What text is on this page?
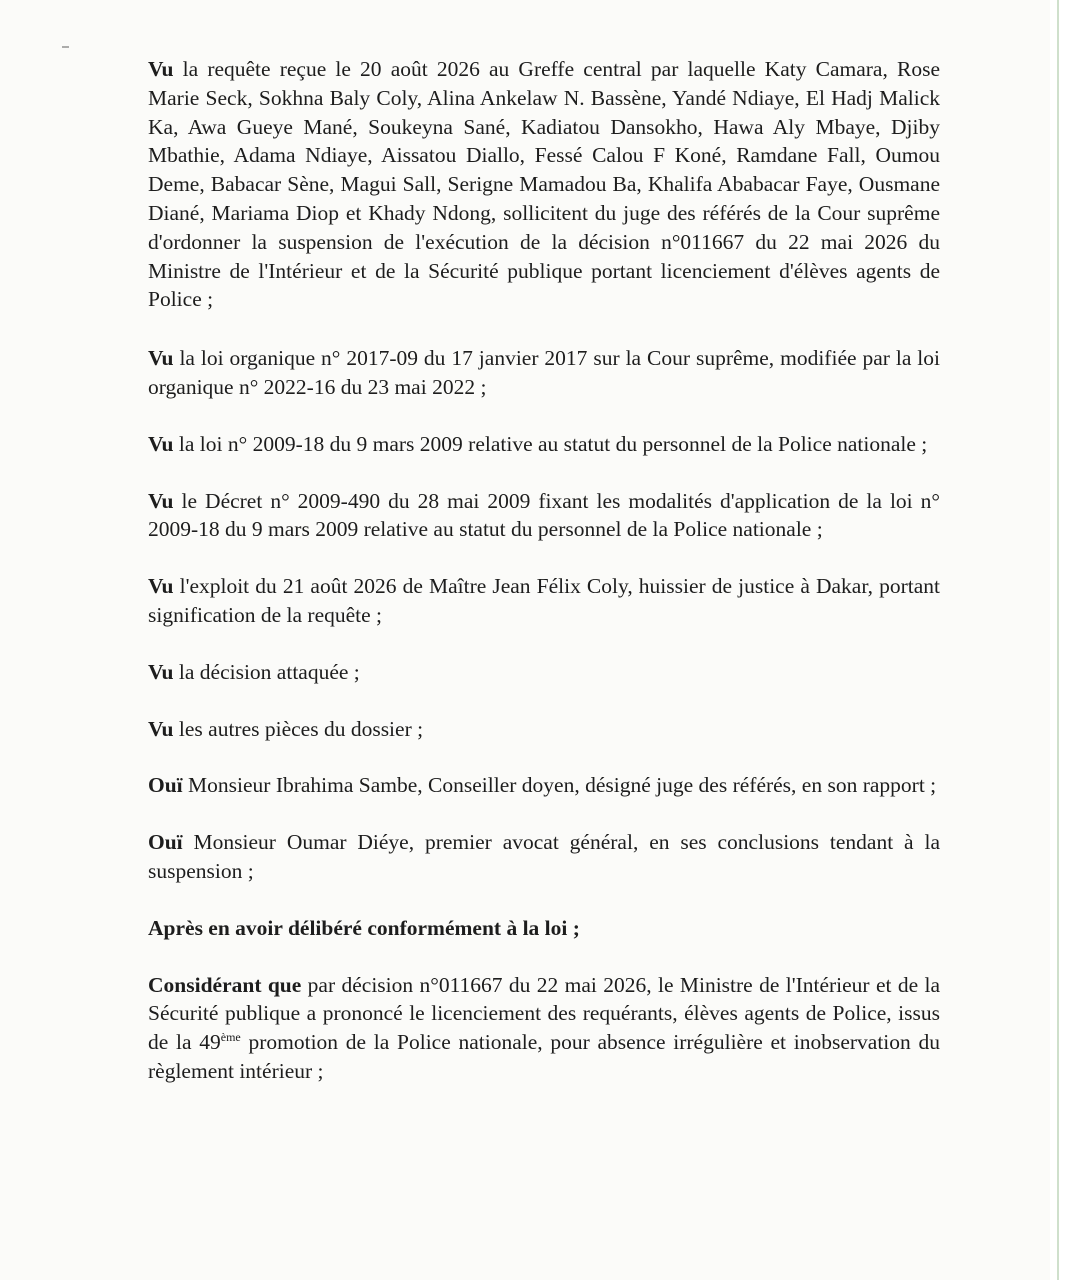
Vu la requête reçue le 20 août 2026 au Greffe central par laquelle Katy Camara, Rose Marie Seck, Sokhna Baly Coly, Alina Ankelaw N. Bassène, Yandé Ndiaye, El Hadj Malick Ka, Awa Gueye Mané, Soukeyna Sané, Kadiatou Dansokho, Hawa Aly Mbaye, Djiby Mbathie, Adama Ndiaye, Aissatou Diallo, Fessé Calou F Koné, Ramdane Fall, Oumou Deme, Babacar Sène, Magui Sall, Serigne Mamadou Ba, Khalifa Ababacar Faye, Ousmane Diané, Mariama Diop et Khady Ndong, sollicitent du juge des référés de la Cour suprême d'ordonner la suspension de l'exécution de la décision n°011667 du 22 mai 2026 du Ministre de l'Intérieur et de la Sécurité publique portant licenciement d'élèves agents de Police ;

Vu la loi organique n° 2017-09 du 17 janvier 2017 sur la Cour suprême, modifiée par la loi organique n° 2022-16 du 23 mai 2022 ;

Vu la loi n° 2009-18 du 9 mars 2009 relative au statut du personnel de la Police nationale ;

Vu le Décret n° 2009-490 du 28 mai 2009 fixant les modalités d'application de la loi n° 2009-18 du 9 mars 2009 relative au statut du personnel de la Police nationale ;

Vu l'exploit du 21 août 2026 de Maître Jean Félix Coly, huissier de justice à Dakar, portant signification de la requête ;

Vu la décision attaquée ;

Vu les autres pièces du dossier ;

Ouï Monsieur Ibrahima Sambe, Conseiller doyen, désigné juge des référés, en son rapport ;

Ouï Monsieur Oumar Diéye, premier avocat général, en ses conclusions tendant à la suspension ;

Après en avoir délibéré conformément à la loi ;

Considérant que par décision n°011667 du 22 mai 2026, le Ministre de l'Intérieur et de la Sécurité publique a prononcé le licenciement des requérants, élèves agents de Police, issus de la 49ème promotion de la Police nationale, pour absence irrégulière et inobservation du règlement intérieur ;
